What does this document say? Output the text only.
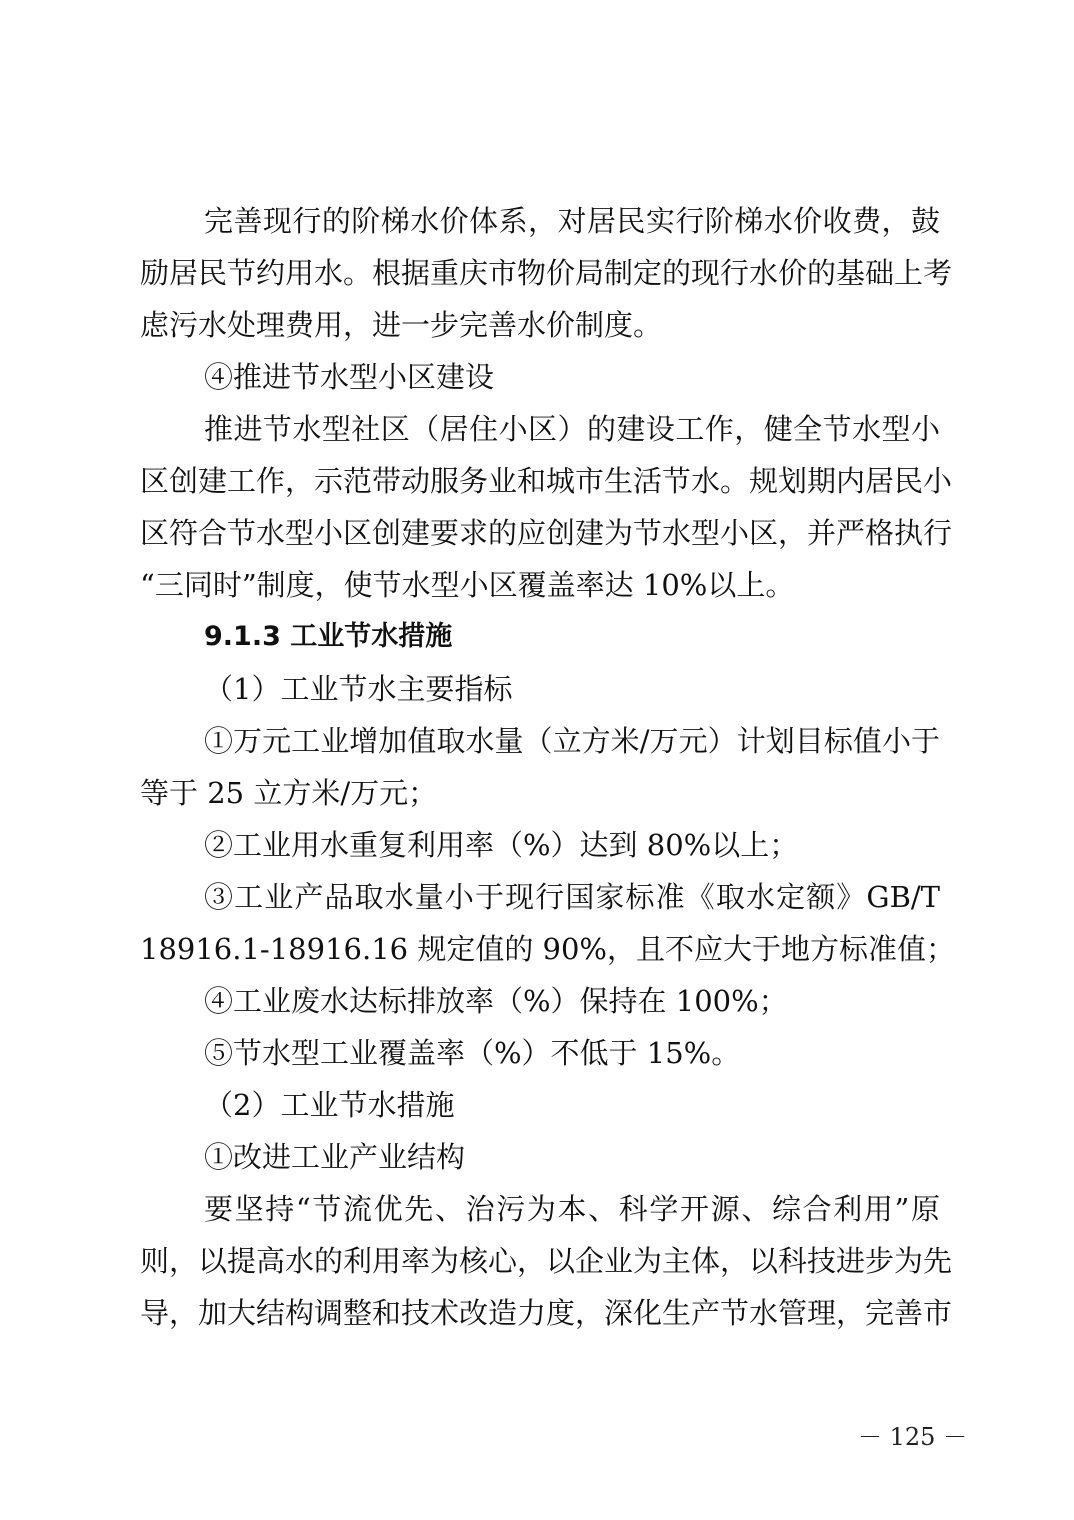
完善现行的阶梯水价体系，对居民实行阶梯水价收费，鼓
励居民节约用水。根据重庆市物价局制定的现行水价的基础上考
虑污水处理费用，进一步完善水价制度。
④推进节水型小区建设
推进节水型社区（居住小区）的建设工作，健全节水型小
区创建工作，示范带动服务业和城市生活节水。规划期内居民小
区符合节水型小区创建要求的应创建为节水型小区，并严格执行
“三同时”制度，使节水型小区覆盖率达 10%以上。
9.1.3 工业节水措施
（1）工业节水主要指标
①万元工业增加值取水量（立方米/万元）计划目标值小于
等于 25 立方米/万元；
②工业用水重复利用率（%）达到 80%以上；
③工业产品取水量小于现行国家标准《取水定额》GB/T
18916.1-18916.16 规定值的 90%，且不应大于地方标准值；
④工业废水达标排放率（%）保持在 100%；
⑤节水型工业覆盖率（%）不低于 15%。
（2）工业节水措施
①改进工业产业结构
要坚持“节流优先、治污为本、科学开源、综合利用”原
则，以提高水的利用率为核心，以企业为主体，以科技进步为先
导，加大结构调整和技术改造力度，深化生产节水管理，完善市
－ 125 －
